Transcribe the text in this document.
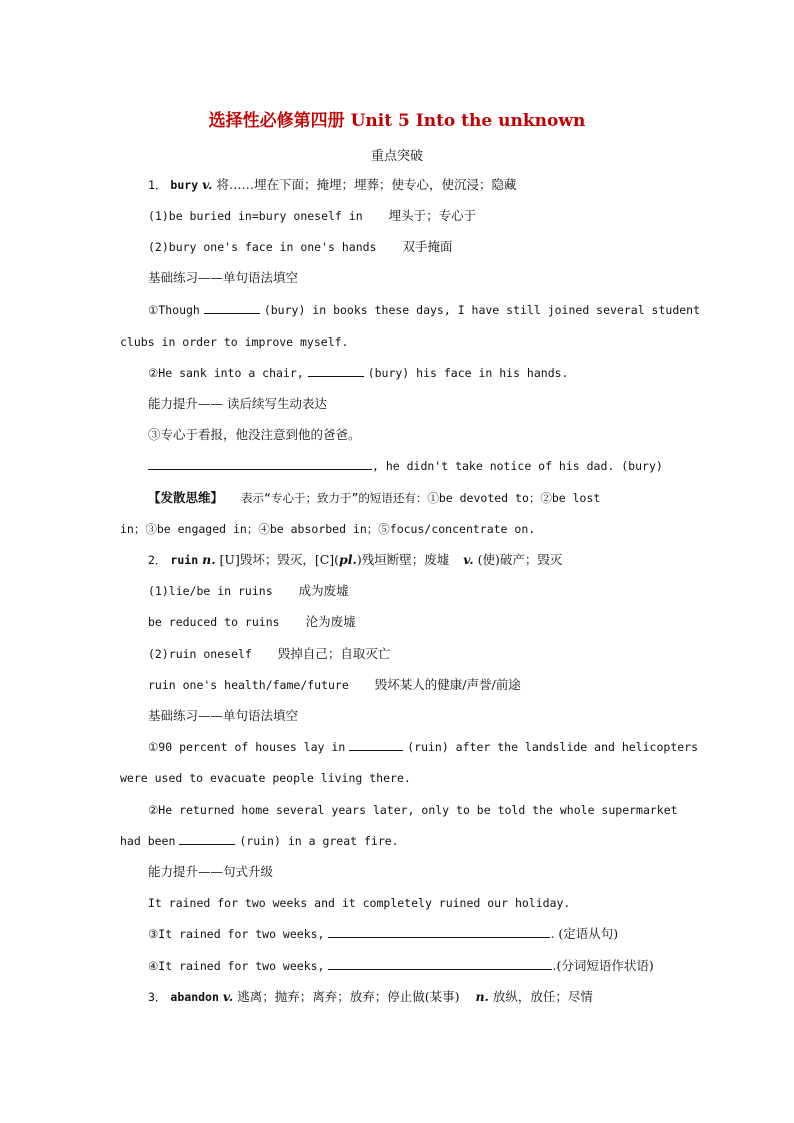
选择性必修第四册 Unit 5 Into the unknown
重点突破
1． bury v. 将……埋在下面；掩埋；埋葬；使专心，使沉浸；隐藏
(1)be buried in=bury oneself in 埋头于；专心于
(2)bury one's face in one's hands 双手掩面
基础练习——单句语法填空
①Though	(bury) in books these days, I have still joined several student
clubs in order to improve myself.
②He sank into a chair,	(bury) his face in his hands.
能力提升—— 读后续写生动表达
③专心于看报，他没注意到他的爸爸。
, he didn't take notice of his dad. (bury)
【发散思维】 表示“专心于；致力于”的短语还有：①be devoted to；②be lost
in；③be engaged in；④be absorbed in；⑤focus/concentrate on.
2． ruin n. [U]毁坏；毁灭，[C](pl.)残垣断壁；废墟 v. (使)破产；毁灭
(1)lie/be in ruins 成为废墟
be reduced to ruins 沦为废墟
(2)ruin oneself 毁掉自己；自取灭亡
ruin one's health/fame/future 毁坏某人的健康/声誉/前途
基础练习——单句语法填空
①90 percent of houses lay in	(ruin) after the landslide and helicopters
were used to evacuate people living there.
②He returned home several years later, only to be told the whole supermarket
had been	(ruin) in a great fire.
能力提升——句式升级
It rained for two weeks and it completely ruined our holiday.
③It rained for two weeks,	. (定语从句)
④It rained for two weeks,	.(分词短语作状语)
3． abandon v. 逃离；抛弃；离弃；放弃；停止做(某事) n. 放纵，放任；尽情
